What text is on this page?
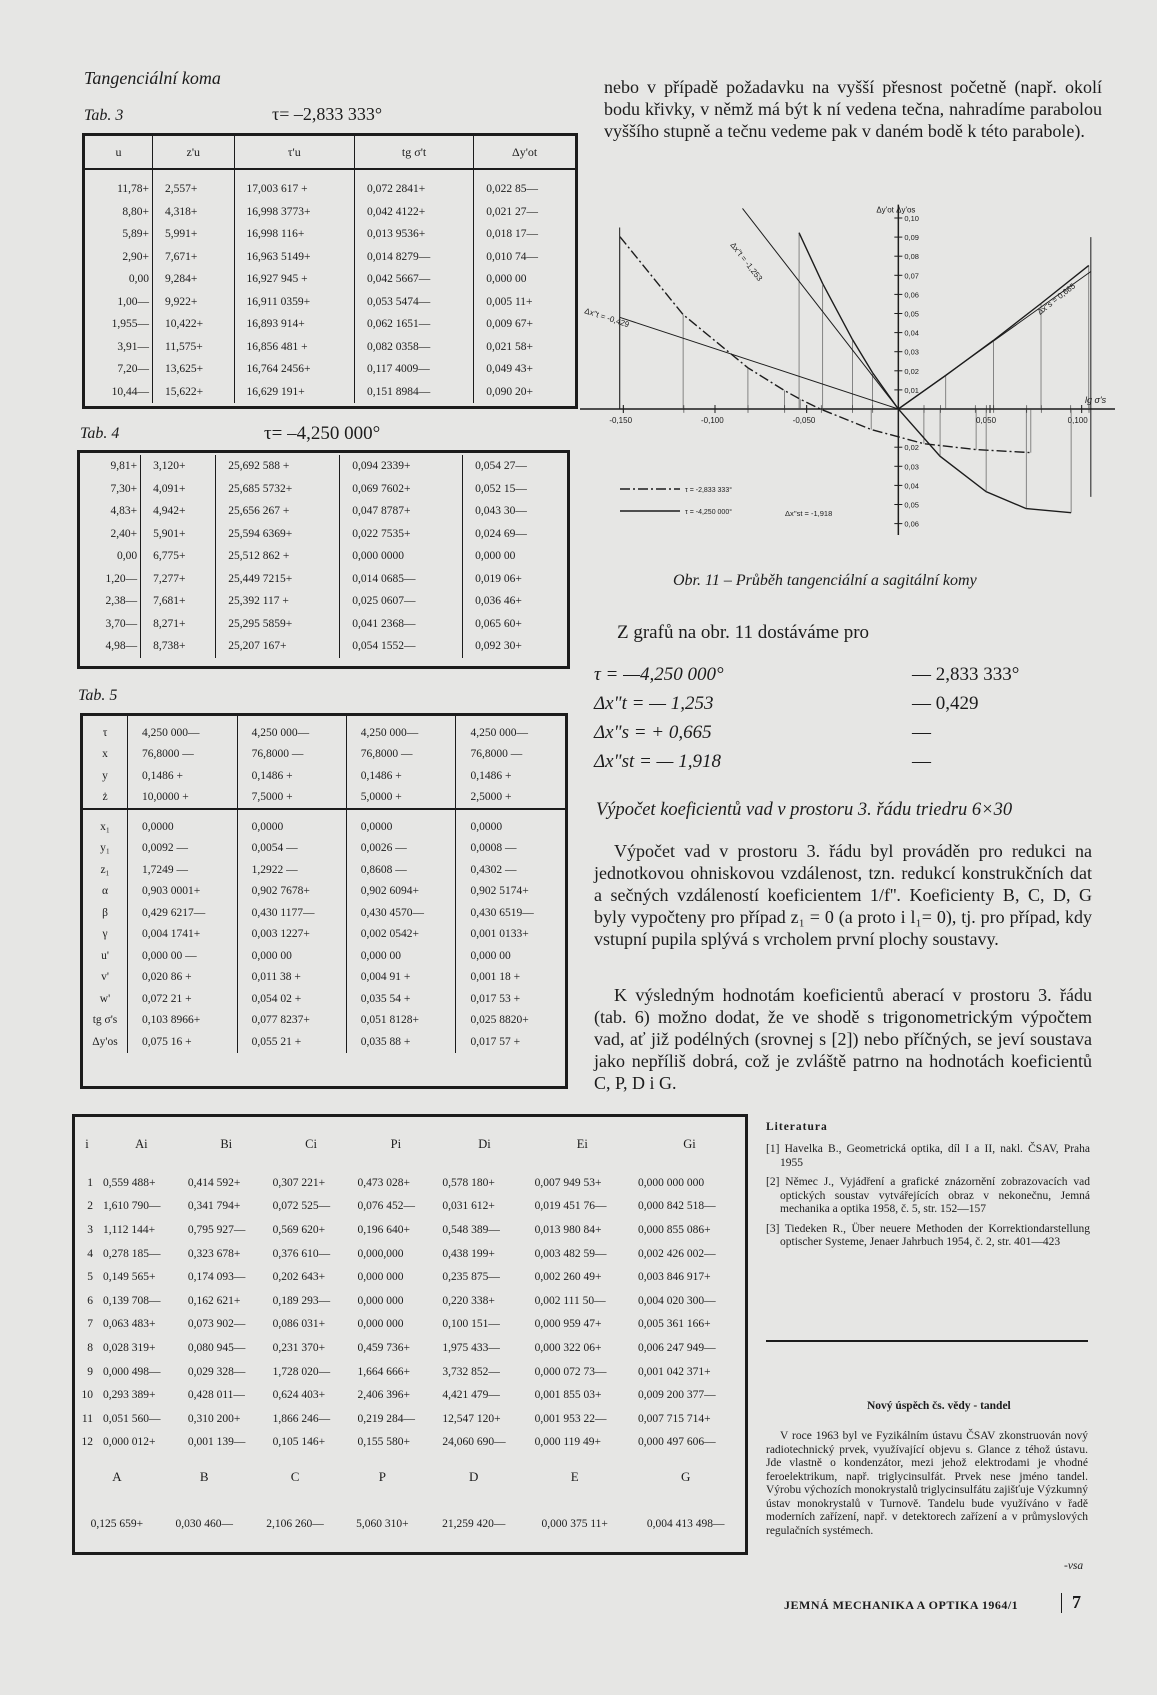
Tangenciální koma
Tab. 3	τ= –2,833 333°
u	z'u	τ'u	tg σ't	Δy'ot
11,78+	2,557+	17,003 617 +	0,072 2841+	0,022 85—
8,80+	4,318+	16,998 3773+	0,042 4122+	0,021 27—
5,89+	5,991+	16,998 116+	0,013 9536+	0,018 17—
2,90+	7,671+	16,963 5149+	0,014 8279—	0,010 74—
0,00	9,284+	16,927 945 +	0,042 5667—	0,000 00
1,00—	9,922+	16,911 0359+	0,053 5474—	0,005 11+
1,955—	10,422+	16,893 914+	0,062 1651—	0,009 67+
3,91—	11,575+	16,856 481 +	0,082 0358—	0,021 58+
7,20—	13,625+	16,764 2456+	0,117 4009—	0,049 43+
10,44—	15,622+	16,629 191+	0,151 8984—	0,090 20+
Tab. 4	τ= –4,250 000°
9,81+	3,120+	25,692 588 +	0,094 2339+	0,054 27—
7,30+	4,091+	25,685 5732+	0,069 7602+	0,052 15—
4,83+	4,942+	25,656 267 +	0,047 8787+	0,043 30—
2,40+	5,901+	25,594 6369+	0,022 7535+	0,024 69—
0,00	6,775+	25,512 862 +	0,000 0000	0,000 00
1,20—	7,277+	25,449 7215+	0,014 0685—	0,019 06+
2,38—	7,681+	25,392 117 +	0,025 0607—	0,036 46+
3,70—	8,271+	25,295 5859+	0,041 2368—	0,065 60+
4,98—	8,738+	25,207 167+	0,054 1552—	0,092 30+
Tab. 5
τ	4,250 000—	4,250 000—	4,250 000—	4,250 000—
x	76,8000 —	76,8000 —	76,8000 —	76,8000 —
y	0,1486 +	0,1486 +	0,1486 +	0,1486 +
ż	10,0000 +	7,5000 +	5,0000 +	2,5000 +
x₁	0,0000	0,0000	0,0000	0,0000
y₁	0,0092 —	0,0054 —	0,0026 —	0,0008 —
z₁	1,7249 —	1,2922 —	0,8608 —	0,4302 —
α	0,903 0001+	0,902 7678+	0,902 6094+	0,902 5174+
β	0,429 6217—	0,430 1177—	0,430 4570—	0,430 6519—
γ	0,004 1741+	0,003 1227+	0,002 0542+	0,001 0133+
u'	0,000 00 —	0,000 00	0,000 00	0,000 00
v'	0,020 86 +	0,011 38 +	0,004 91 +	0,001 18 +
w'	0,072 21 +	0,054 02 +	0,035 54 +	0,017 53 +
tg σ's	0,103 8966+	0,077 8237+	0,051 8128+	0,025 8820+
Δy'os	0,075 16 +	0,055 21 +	0,035 88 +	0,017 57 +
i	Ai	Bi	Ci	Pi	Di	Ei	Gi
1	0,559 488+	0,414 592+	0,307 221+	0,473 028+	0,578 180+	0,007 949 53+	0,000 000 000
2	1,610 790—	0,341 794+	0,072 525—	0,076 452—	0,031 612+	0,019 451 76—	0,000 842 518—
3	1,112 144+	0,795 927—	0,569 620+	0,196 640+	0,548 389—	0,013 980 84+	0,000 855 086+
4	0,278 185—	0,323 678+	0,376 610—	0,000,000	0,438 199+	0,003 482 59—	0,002 426 002—
5	0,149 565+	0,174 093—	0,202 643+	0,000 000	0,235 875—	0,002 260 49+	0,003 846 917+
6	0,139 708—	0,162 621+	0,189 293—	0,000 000	0,220 338+	0,002 111 50—	0,004 020 300—
7	0,063 483+	0,073 902—	0,086 031+	0,000 000	0,100 151—	0,000 959 47+	0,005 361 166+
8	0,028 319+	0,080 945—	0,231 370+	0,459 736+	1,975 433—	0,000 322 06+	0,006 247 949—
9	0,000 498—	0,029 328—	1,728 020—	1,664 666+	3,732 852—	0,000 072 73—	0,001 042 371+
10	0,293 389+	0,428 011—	0,624 403+	2,406 396+	4,421 479—	0,001 855 03+	0,009 200 377—
11	0,051 560—	0,310 200+	1,866 246—	0,219 284—	12,547 120+	0,001 953 22—	0,007 715 714+
12	0,000 012+	0,001 139—	0,105 146+	0,155 580+	24,060 690—	0,000 119 49+	0,000 497 606—
A	B	C	P	D	E	G

0,125 659+	0,030 460—	2,106 260—	5,060 310+	21,259 420—	0,000 375 11+	0,004 413 498—
nebo v případě požadavku na vyšší přesnost početně (např. okolí bodu křivky, v němž má být k ní vedena tečna, nahradíme parabolou vyššího stupně a tečnu vedeme pak v daném bodě k této parabole).
-0,150	-0,100	-0,050	0,050	0,100
0,10
0,09
0,08
0,07
0,06
0,05
0,04
0,03
0,02
0,01
0,02
0,03
0,04
0,05
0,06
Δy'ot Δy'os
lg σ's
Δx''t = -1,253
Δx''t = -0,429
Δx''s = 0,665
Δx''st = -1,918
τ = -2,833 333°
τ = -4,250 000°
Obr. 11 – Průběh tangenciální a sagitální komy
Z grafů na obr. 11 dostáváme pro
τ = —4,250 000°	— 2,833 333°
Δx"t = — 1,253	— 0,429
Δx"s = + 0,665	—
Δx"st = — 1,918	—
Výpočet koeficientů vad v prostoru 3. řádu triedru 6×30
Výpočet vad v prostoru 3. řádu byl prováděn pro redukci na jednotkovou ohniskovou vzdálenost, tzn. redukcí konstrukčních dat a sečných vzdáleností koeficientem 1/f''. Koeficienty B, C, D, G byly vypočteny pro případ z₁ = 0 (a proto i l₁= 0), tj. pro případ, kdy vstupní pupila splývá s vrcholem první plochy soustavy.
K výsledným hodnotám koeficientů aberací v prostoru 3. řádu (tab. 6) možno dodat, že ve shodě s trigonometrickým výpočtem vad, ať již podélných (srovnej s [2]) nebo příčných, se jeví soustava jako nepříliš dobrá, což je zvláště patrno na hodnotách koeficientů C, P, D i G.
Literatura
[1] Havelka B., Geometrická optika, díl I a II, nakl. ČSAV, Praha 1955
[2] Němec J., Vyjádření a grafické znázornění zobrazovacích vad optických soustav vytvářejících obraz v nekonečnu, Jemná mechanika a optika 1958, č. 5, str. 152—157
[3] Tiedeken R., Über neuere Methoden der Korrektiondarstellung optischer Systeme, Jenaer Jahrbuch 1954, č. 2, str. 401—423
Nový úspěch čs. vědy - tandel
V roce 1963 byl ve Fyzikálním ústavu ČSAV zkonstruován nový radiotechnický prvek, využívající objevu s. Glance z téhož ústavu. Jde vlastně o kondenzátor, mezi jehož elektrodami je vhodné feroelektrikum, např. triglycinsulfát. Prvek nese jméno tandel. Výrobu výchozích monokrystalů triglycinsulfátu zajišťuje Výzkumný ústav monokrystalů v Turnově. Tandelu bude využíváno v řadě moderních zařízení, např. v detektorech zařízení a v průmyslových regulačních systémech.
-vsa
JEMNÁ MECHANIKA A OPTIKA 1964/1	7
